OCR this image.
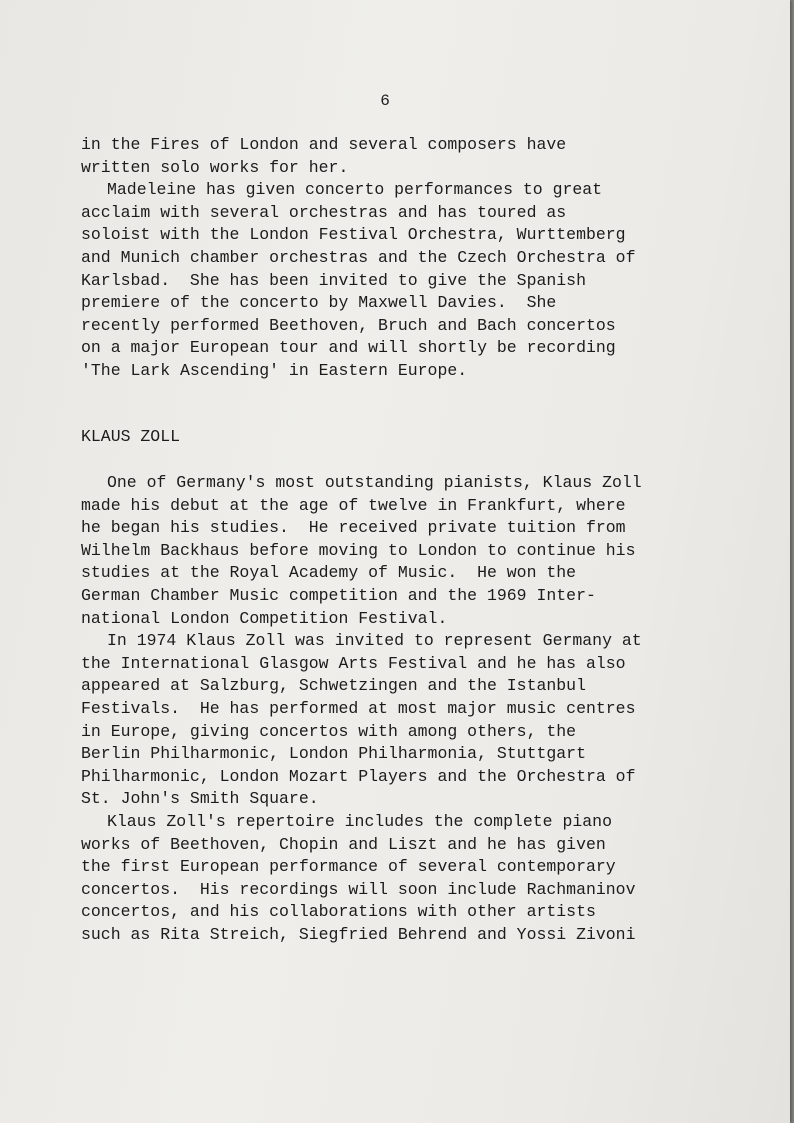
6
in the Fires of London and several composers have
written solo works for her.
Madeleine has given concerto performances to great
acclaim with several orchestras and has toured as
soloist with the London Festival Orchestra, Wurttemberg
and Munich chamber orchestras and the Czech Orchestra of
Karlsbad.  She has been invited to give the Spanish
premiere of the concerto by Maxwell Davies.  She
recently performed Beethoven, Bruch and Bach concertos
on a major European tour and will shortly be recording
'The Lark Ascending' in Eastern Europe.
KLAUS ZOLL
One of Germany's most outstanding pianists, Klaus Zoll
made his debut at the age of twelve in Frankfurt, where
he began his studies.  He received private tuition from
Wilhelm Backhaus before moving to London to continue his
studies at the Royal Academy of Music.  He won the
German Chamber Music competition and the 1969 Inter-
national London Competition Festival.
In 1974 Klaus Zoll was invited to represent Germany at
the International Glasgow Arts Festival and he has also
appeared at Salzburg, Schwetzingen and the Istanbul
Festivals.  He has performed at most major music centres
in Europe, giving concertos with among others, the
Berlin Philharmonic, London Philharmonia, Stuttgart
Philharmonic, London Mozart Players and the Orchestra of
St. John's Smith Square.
Klaus Zoll's repertoire includes the complete piano
works of Beethoven, Chopin and Liszt and he has given
the first European performance of several contemporary
concertos.  His recordings will soon include Rachmaninov
concertos, and his collaborations with other artists
such as Rita Streich, Siegfried Behrend and Yossi Zivoni
